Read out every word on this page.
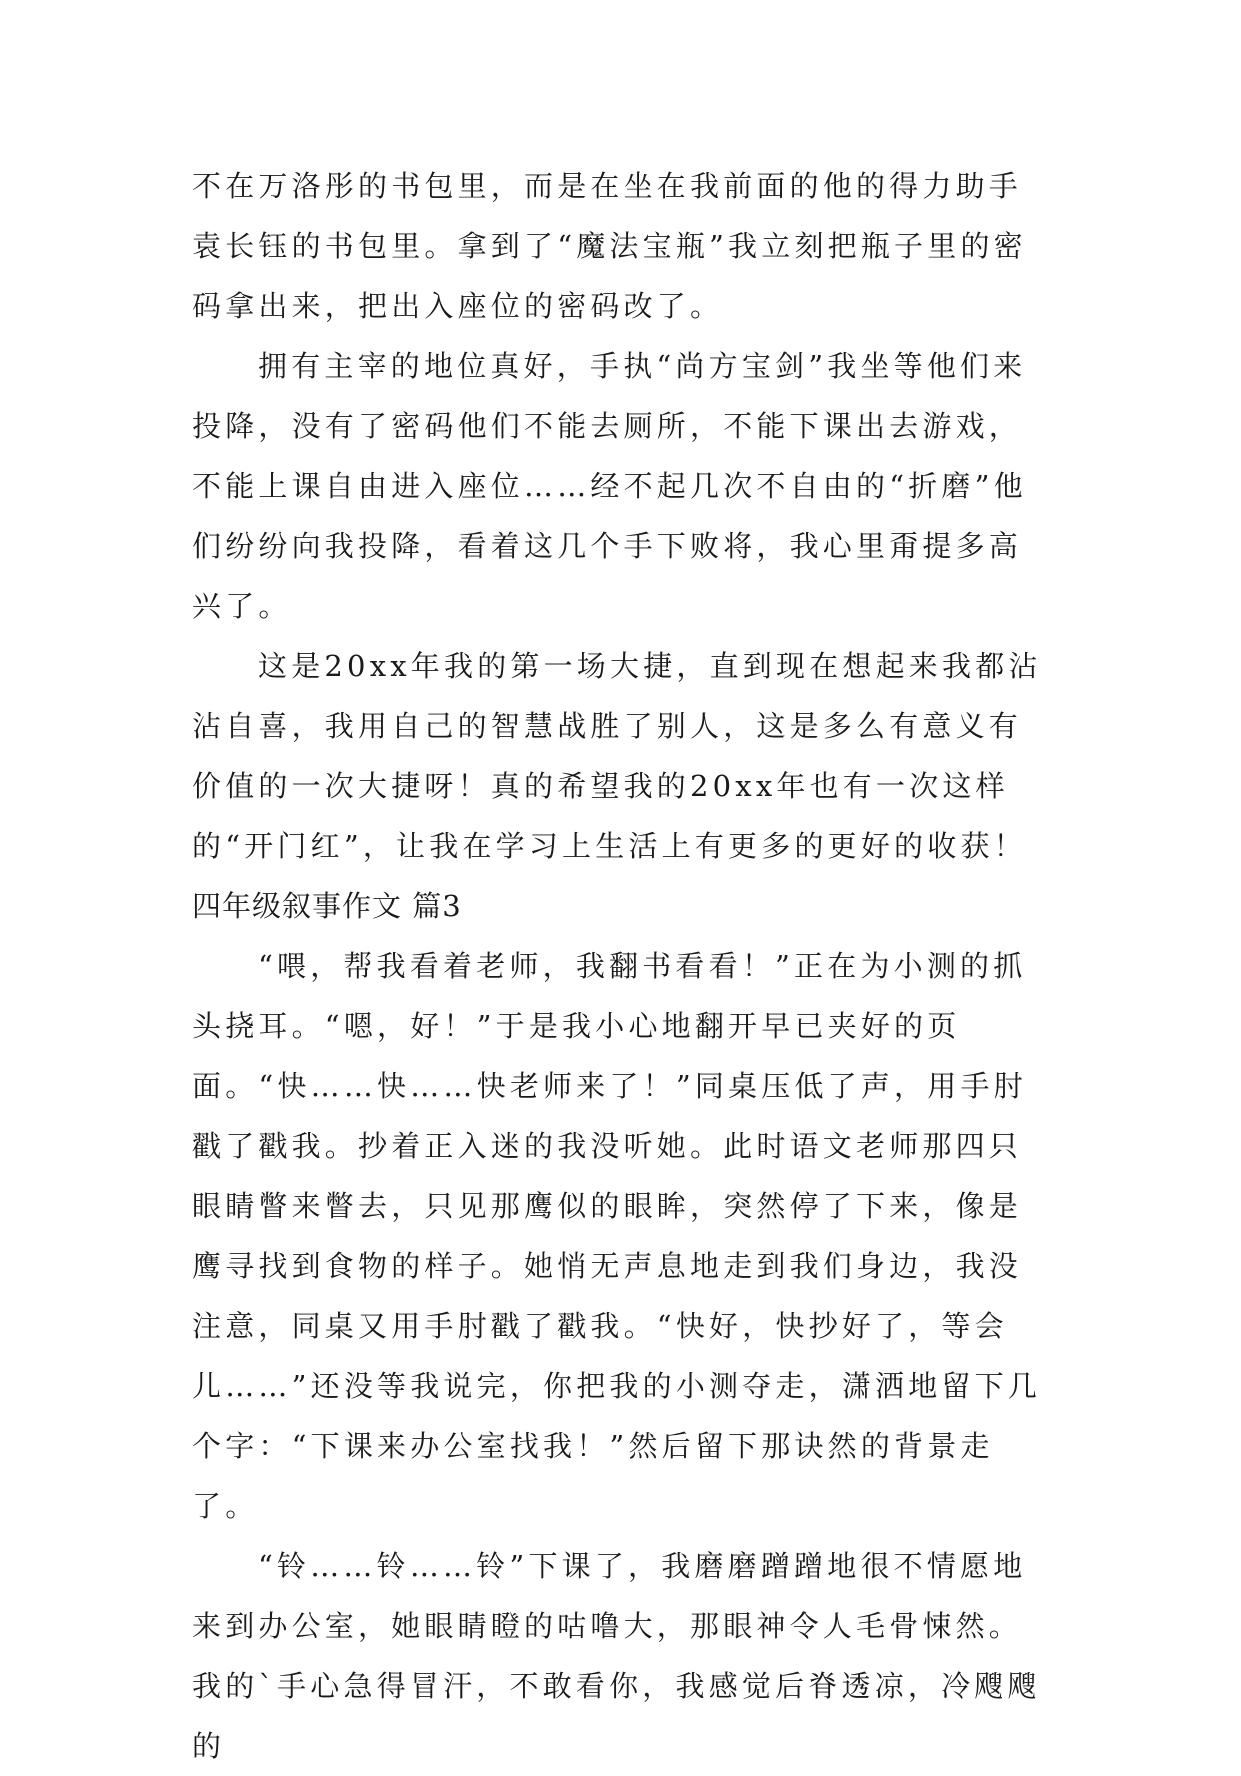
不在万洛彤的书包里，而是在坐在我前面的他的得力助手袁长钰的书包里。拿到了“魔法宝瓶”我立刻把瓶子里的密码拿出来，把出入座位的密码改了。

拥有主宰的地位真好，手执“尚方宝剑”我坐等他们来投降，没有了密码他们不能去厕所，不能下课出去游戏，不能上课自由进入座位……经不起几次不自由的“折磨”他们纷纷向我投降，看着这几个手下败将，我心里甭提多高兴了。

这是20xx年我的第一场大捷，直到现在想起来我都沾沾自喜，我用自己的智慧战胜了别人，这是多么有意义有价值的一次大捷呀！真的希望我的20xx年也有一次这样的“开门红”，让我在学习上生活上有更多的更好的收获！

四年级叙事作文 篇3

“喂，帮我看着老师，我翻书看看！”正在为小测的抓头挠耳。“嗯，好！”于是我小心地翻开早已夹好的页面。“快……快……快老师来了！”同桌压低了声，用手肘戳了戳我。抄着正入迷的我没听她。此时语文老师那四只眼睛瞥来瞥去，只见那鹰似的眼眸，突然停了下来，像是鹰寻找到食物的样子。她悄无声息地走到我们身边，我没注意，同桌又用手肘戳了戳我。“快好，快抄好了，等会儿……”还没等我说完，你把我的小测夺走，潇洒地留下几个字：“下课来办公室找我！”然后留下那诀然的背景走了。

“铃……铃……铃”下课了，我磨磨蹭蹭地很不情愿地来到办公室，她眼睛瞪的咕噜大，那眼神令人毛骨悚然。我的`手心急得冒汗，不敢看你，我感觉后脊透凉，冷飕飕的
